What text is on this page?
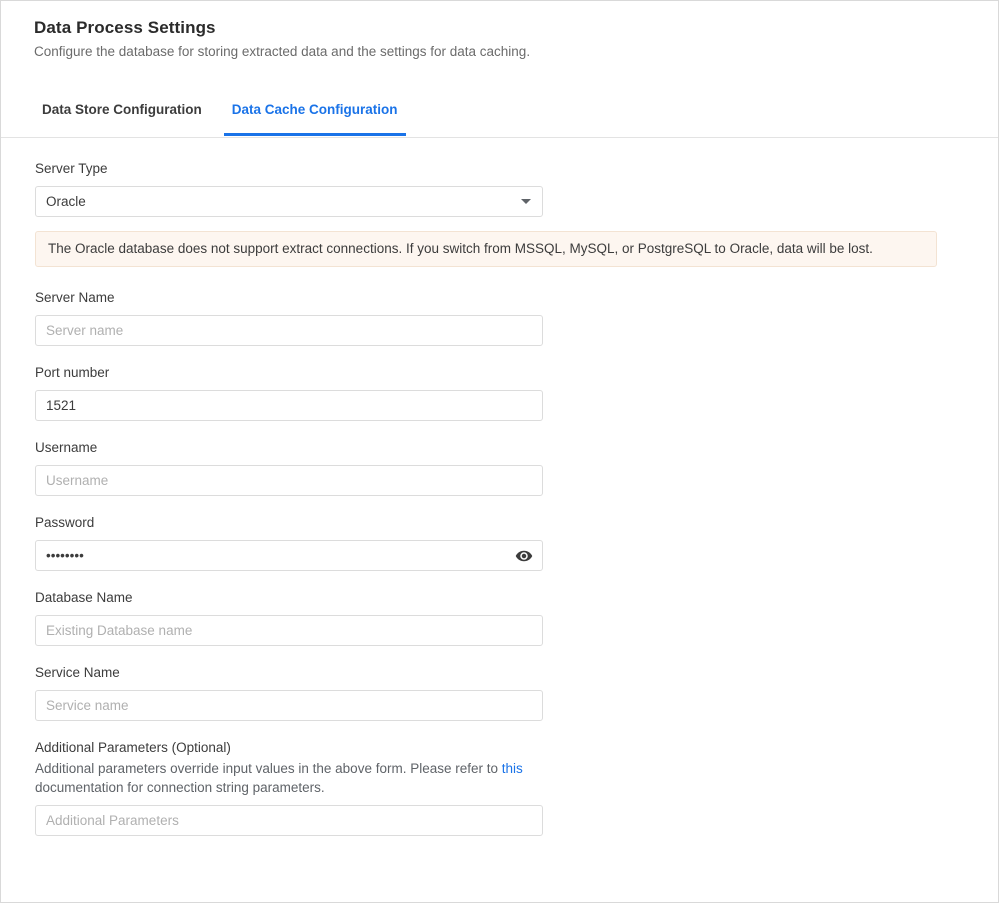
Data Process Settings

Configure the database for storing extracted data and the settings for data caching.

Data Store Configuration	Data Cache Configuration
Server Type
Oracle
The Oracle database does not support extract connections. If you switch from MSSQL, MySQL, or PostgreSQL to Oracle, data will be lost.
Server Name
Server name
Port number
1521
Username
Username
Password
••••••••
Database Name
Existing Database name
Service Name
Service name
Additional Parameters (Optional)
Additional parameters override input values in the above form. Please refer to this documentation for connection string parameters.
Additional Parameters
